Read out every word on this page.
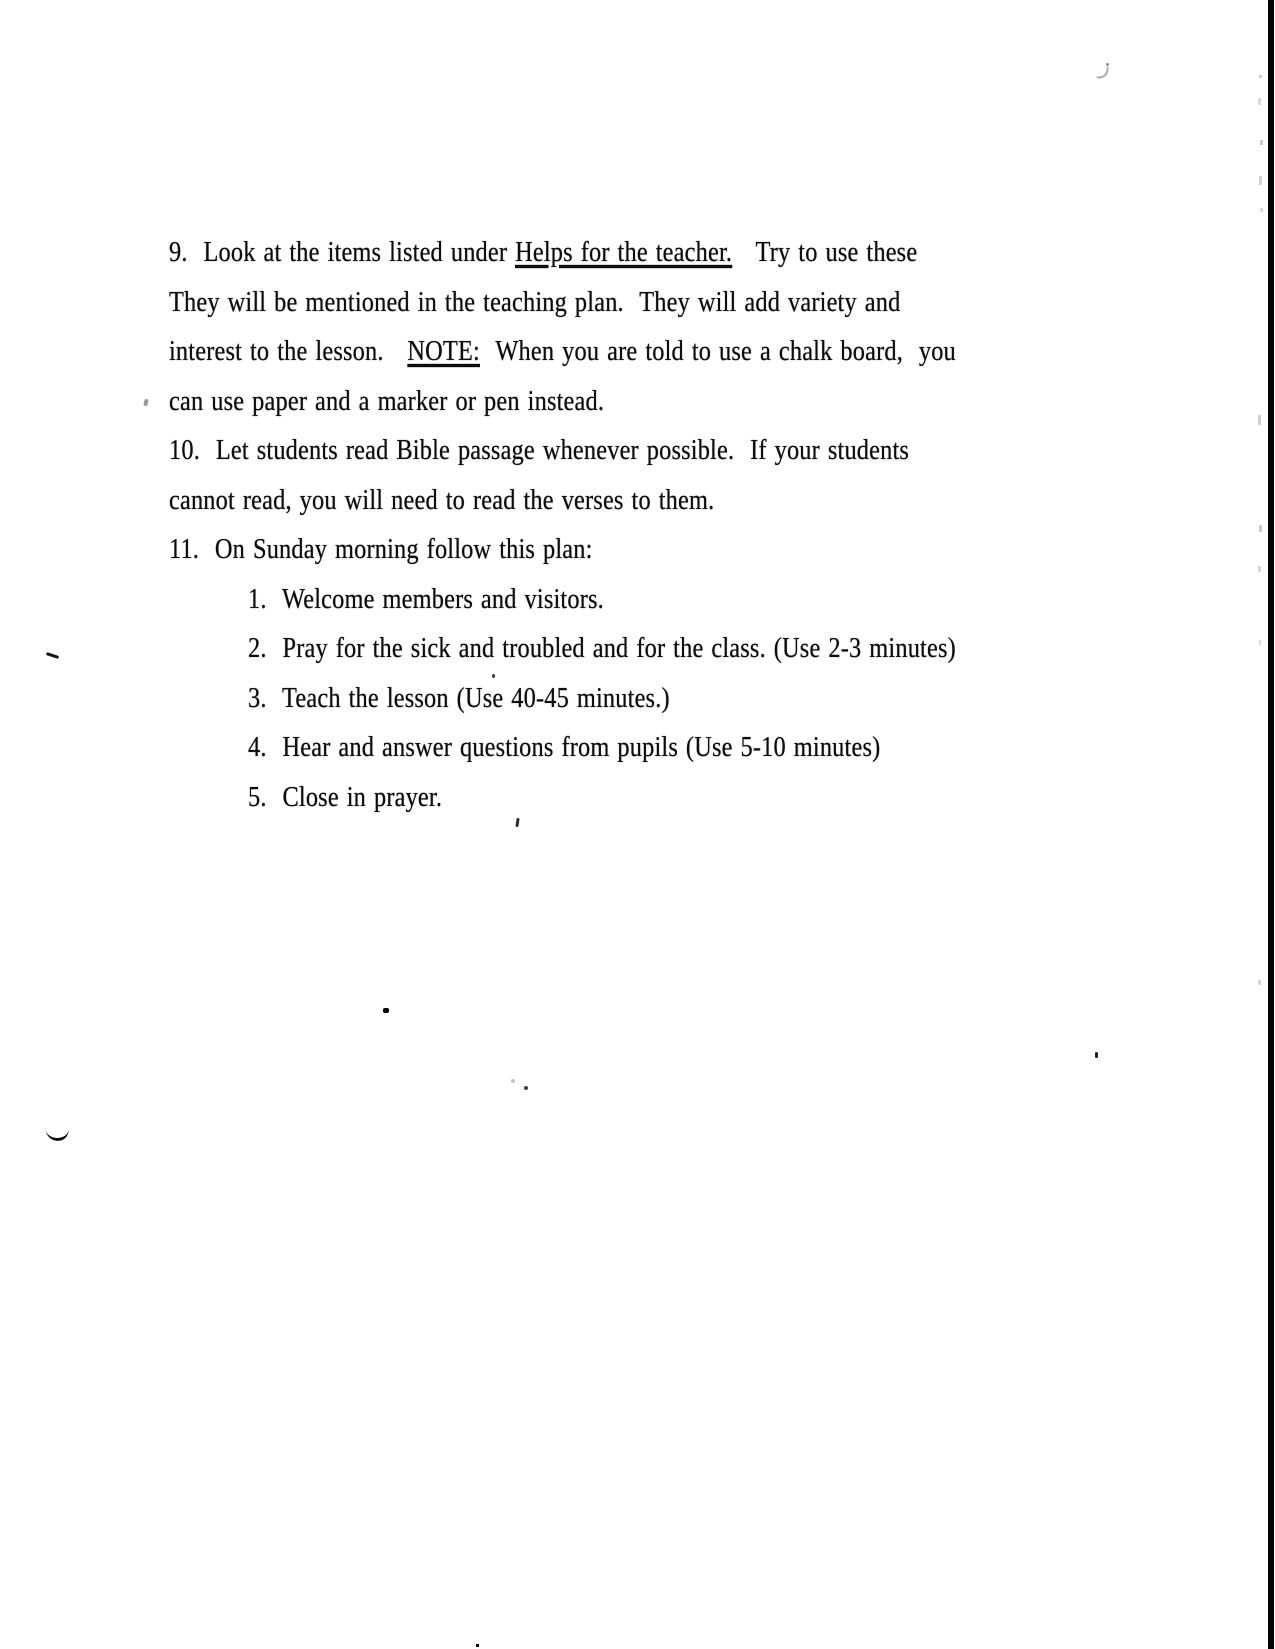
9.  Look at the items listed under Helps for the teacher.   Try to use these
They will be mentioned in the teaching plan.  They will add variety and
interest to the lesson.   NOTE:  When you are told to use a chalk board,  you
can use paper and a marker or pen instead.
10.  Let students read Bible passage whenever possible.  If your students
cannot read, you will need to read the verses to them.
11.  On Sunday morning follow this plan:
1.  Welcome members and visitors.
2.  Pray for the sick and troubled and for the class. (Use 2-3 minutes)
3.  Teach the lesson (Use 40-45 minutes.)
4.  Hear and answer questions from pupils (Use 5-10 minutes)
5.  Close in prayer.
